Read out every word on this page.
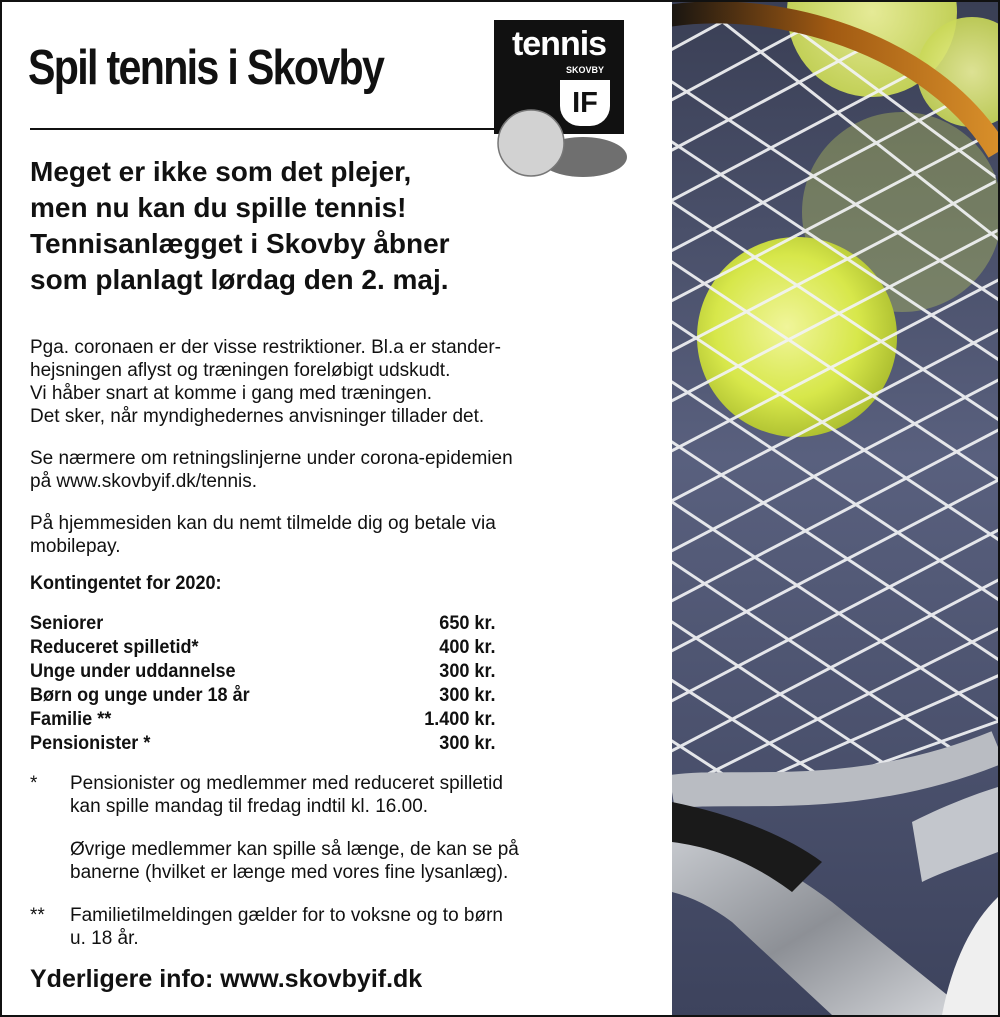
Spil tennis i Skovby	tennis
SKOVBY
IF
Meget er ikke som det plejer,
men nu kan du spille tennis!
Tennisanlægget i Skovby åbner
som planlagt lørdag den 2. maj.
Pga. coronaen er der visse restriktioner. Bl.a er stander-
hejsningen aflyst og træningen foreløbigt udskudt.
Vi håber snart at komme i gang med træningen.
Det sker, når myndighedernes anvisninger tillader det.
Se nærmere om retningslinjerne under corona-epidemien
på www.skovbyif.dk/tennis.
På hjemmesiden kan du nemt tilmelde dig og betale via
mobilepay.
Kontingentet for 2020:
Seniorer	650 kr.
Reduceret spilletid*	400 kr.
Unge under uddannelse	300 kr.
Børn og unge under 18 år	300 kr.
Familie **	1.400 kr.
Pensionister *	300 kr.
* Pensionister og medlemmer med reduceret spilletid
kan spille mandag til fredag indtil kl. 16.00.
Øvrige medlemmer kan spille så længe, de kan se på
banerne (hvilket er længe med vores fine lysanlæg).
** Familietilmeldingen gælder for to voksne og to børn
u. 18 år.
Yderligere info: www.skovbyif.dk
